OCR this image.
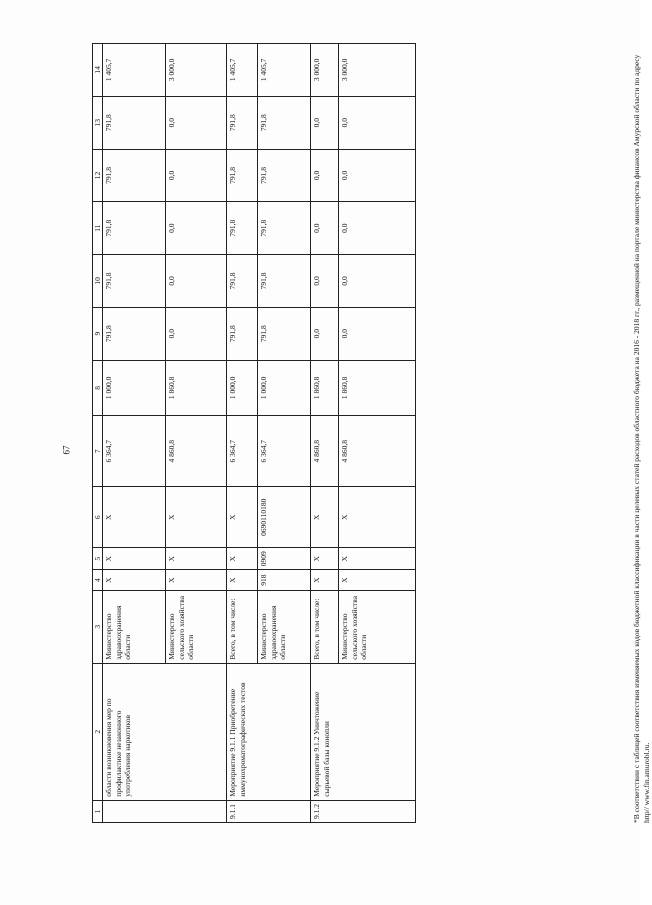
67
1	2	3	4	5	6	7	8	9	10	11	12	13	14
	области возникновения мер по профилактике незаконного употребления наркотиков	Министерство здравоохранения области	X	X	X	6 364,7	1 000,0	791,8	791,8	791,8	791,8	791,8	1 405,7
		Министерство сельского хозяйства области	X	X	X	4 860,8	1 860,8	0,0	0,0	0,0	0,0	0,0	3 000,0
9.1.1	Мероприятие 9.1.1 Приобретение иммунохроматографических тестов	Всего, в том числе:	X	X	X	6 364,7	1 000,0	791,8	791,8	791,8	791,8	791,8	1 405,7
		Министерство здравоохранения области	918	0909	0690110180	6 364,7	1 000,0	791,8	791,8	791,8	791,8	791,8	1 405,7
9.1.2	Мероприятие 9.1.2 Уничтожение сырьевой базы конопли	Всего, в том числе:	X	X	X	4 860,8	1 860,8	0,0	0,0	0,0	0,0	0,0	3 000,0
		Министерство сельского хозяйства области	X	X	X	4 860,8	1 860,8	0,0	0,0	0,0	0,0	0,0	3 000,0	*В соответствии с таблицей соответствия изменяемых кодов бюджетной классификации в части целевых статей расходов областного бюджета на 2016 - 2018 гг., размещенной на портале министерства финансов Амурской области по адресу http// www.fin.amurobl.ru.
